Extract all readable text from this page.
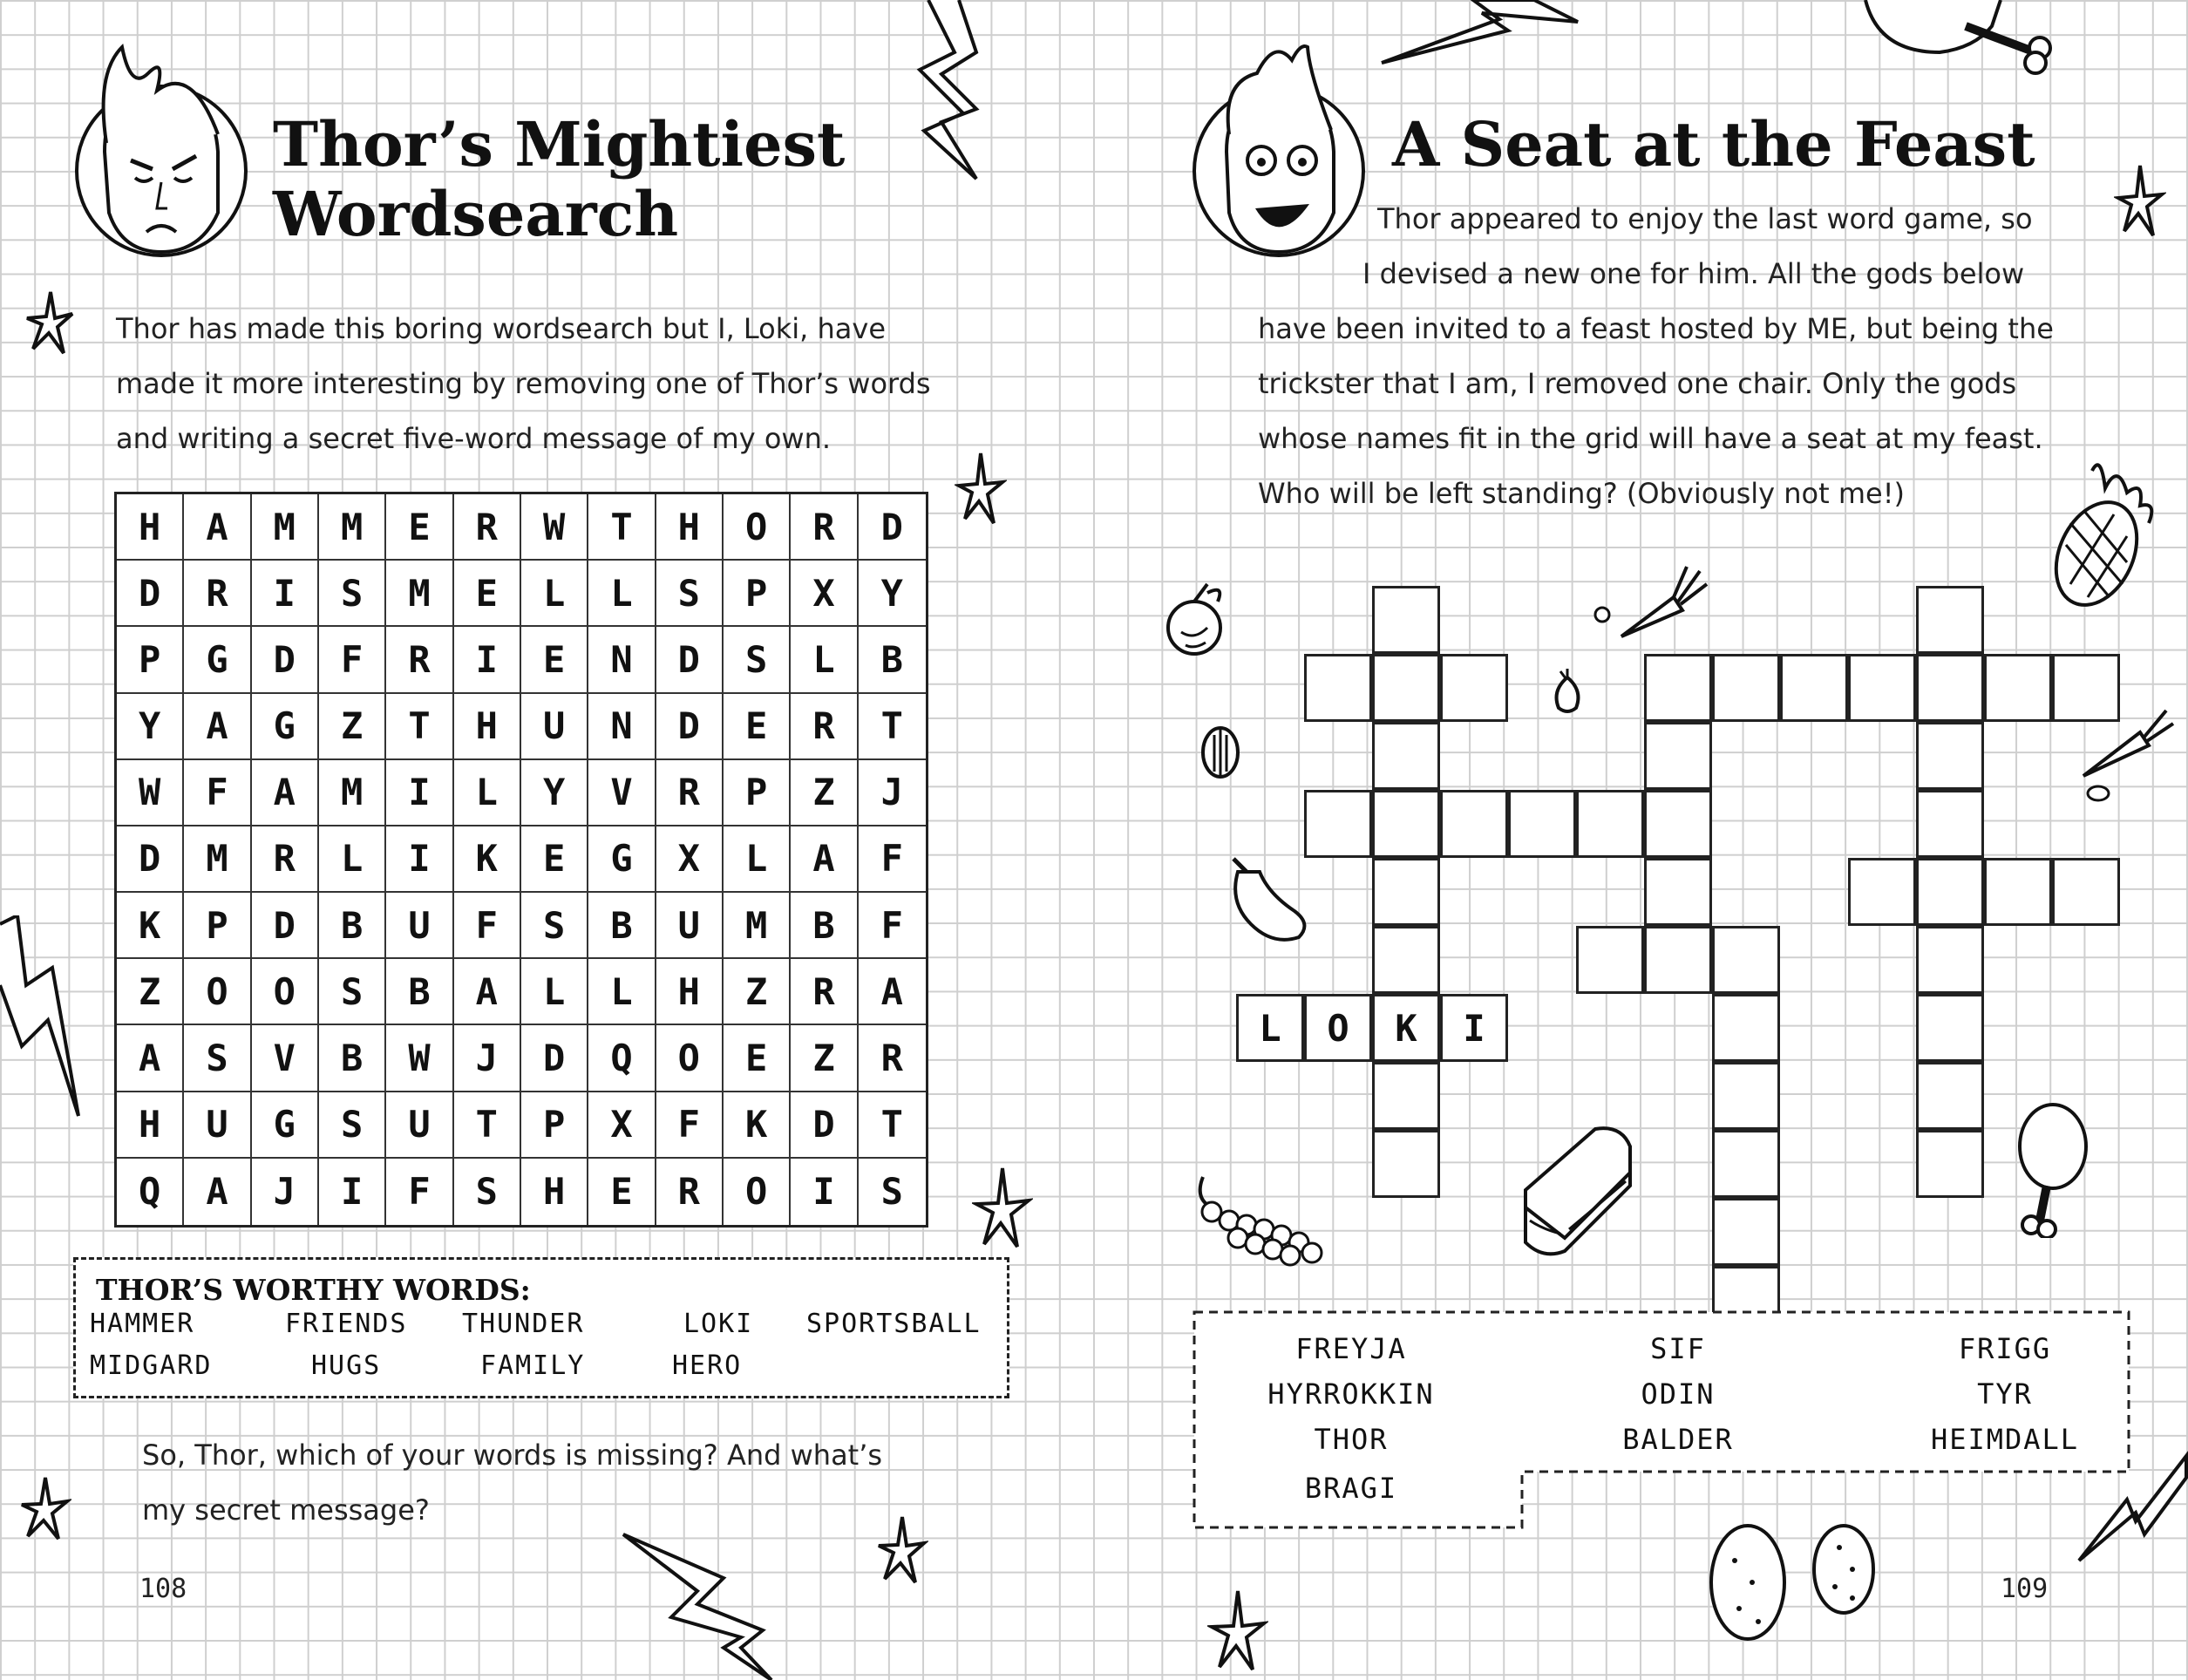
Thor’s Mightiest
Wordsearch

Thor has made this boring wordsearch but I, Loki, have

made it more interesting by removing one of Thor’s words

and writing a secret five-word message of my own.

H	A	M	M	E	R	W	T	H	O	R	D
D	R	I	S	M	E	L	L	S	P	X	Y
P	G	D	F	R	I	E	N	D	S	L	B
Y	A	G	Z	T	H	U	N	D	E	R	T
W	F	A	M	I	L	Y	V	R	P	Z	J
D	M	R	L	I	K	E	G	X	L	A	F
K	P	D	B	U	F	S	B	U	M	B	F
Z	O	O	S	B	A	L	L	H	Z	R	A
A	S	V	B	W	J	D	Q	O	E	Z	R
H	U	G	S	U	T	P	X	F	K	D	T
Q	A	J	I	F	S	H	E	R	O	I	S
THOR’S WORTHY WORDS:
HAMMER	FRIENDS THUNDER	LOKI SPORTSBALL
MIDGARD	HUGS	FAMILY	HERO

So, Thor, which of your words is missing? And what’s

my secret message?

108
A Seat at the Feast

Thor appeared to enjoy the last word game, so

I devised a new one for him. All the gods below

have been invited to a feast hosted by ME, but being the

trickster that I am, I removed one chair. Only the gods

whose names fit in the grid will have a seat at my feast.

Who will be left standing? (Obviously not me!)

K
L	O	I
FREYJA	SIF	FRIGG
HYRROKKIN	ODIN	TYR
THOR	BALDER	HEIMDALL
BRAGI
109
